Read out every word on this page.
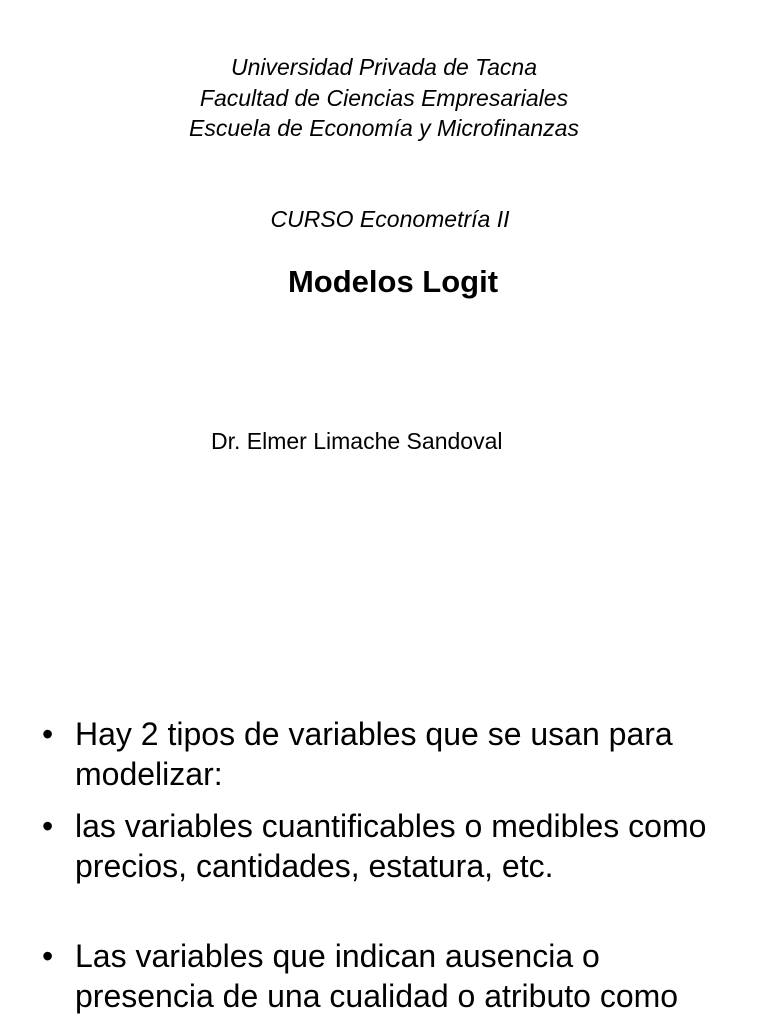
Universidad Privada de Tacna
Facultad de Ciencias Empresariales
Escuela de Economía y Microfinanzas
CURSO Econometría II
Modelos Logit
Dr. Elmer Limache Sandoval
• Hay 2 tipos de variables que se usan para modelizar:
• las variables cuantificables o medibles como precios, cantidades, estatura, etc.
• Las variables que indican ausencia o presencia de una cualidad o atributo como
